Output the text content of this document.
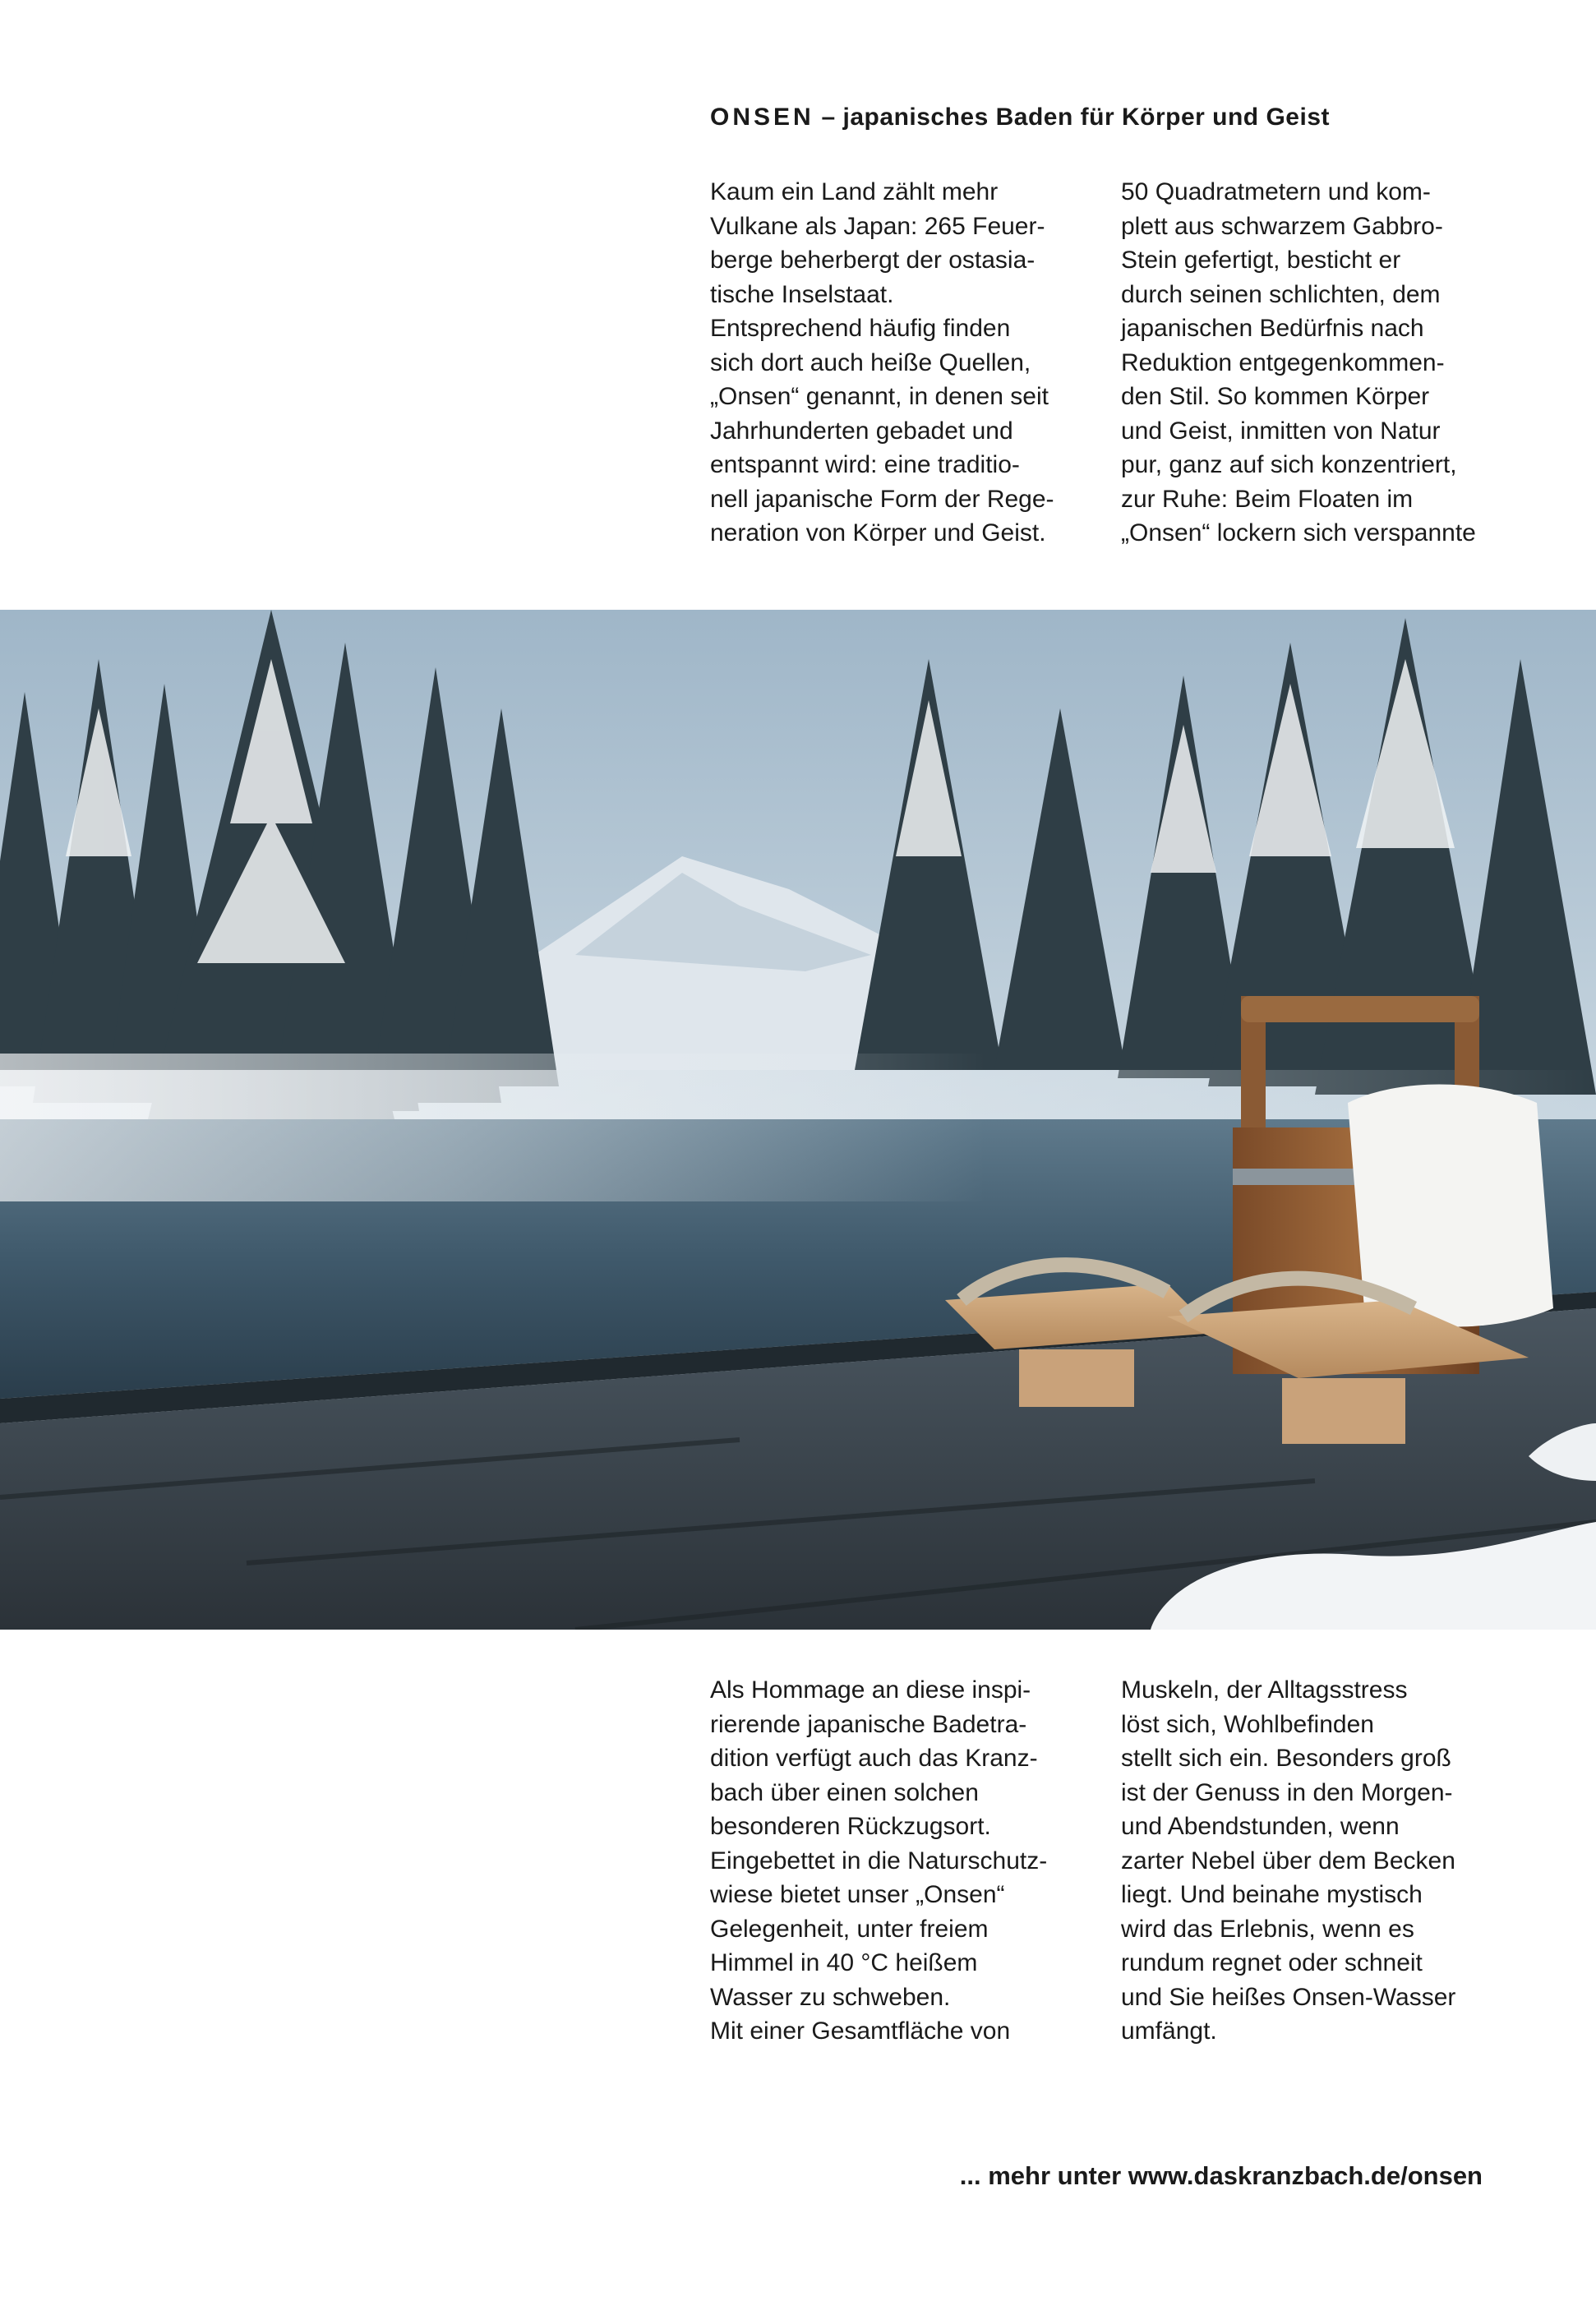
ONSEN – japanisches Baden für Körper und Geist

Kaum ein Land zählt mehr
Vulkane als Japan: 265 Feuer-
berge beherbergt der ostasia-
tische Inselstaat.
Entsprechend häufig finden
sich dort auch heiße Quellen,
„Onsen“ genannt, in denen seit
Jahrhunderten gebadet und
entspannt wird: eine traditio-
nell japanische Form der Rege-
neration von Körper und Geist.

50 Quadratmetern und kom-
plett aus schwarzem Gabbro-
Stein gefertigt, besticht er
durch seinen schlichten, dem
japanischen Bedürfnis nach
Reduktion entgegenkommen-
den Stil. So kommen Körper
und Geist, inmitten von Natur
pur, ganz auf sich konzentriert,
zur Ruhe: Beim Floaten im
„Onsen“ lockern sich verspannte

Als Hommage an diese inspi-
rierende japanische Badetra-
dition verfügt auch das Kranz-
bach über einen solchen
besonderen Rückzugsort.
Eingebettet in die Naturschutz-
wiese bietet unser „Onsen“
Gelegenheit, unter freiem
Himmel in 40 °C heißem
Wasser zu schweben.
Mit einer Gesamtfläche von

Muskeln, der Alltagsstress
löst sich, Wohlbefinden
stellt sich ein. Besonders groß
ist der Genuss in den Morgen-
und Abendstunden, wenn
zarter Nebel über dem Becken
liegt. Und beinahe mystisch
wird das Erlebnis, wenn es
rundum regnet oder schneit
und Sie heißes Onsen-Wasser
umfängt.

... mehr unter www.daskranzbach.de/onsen
